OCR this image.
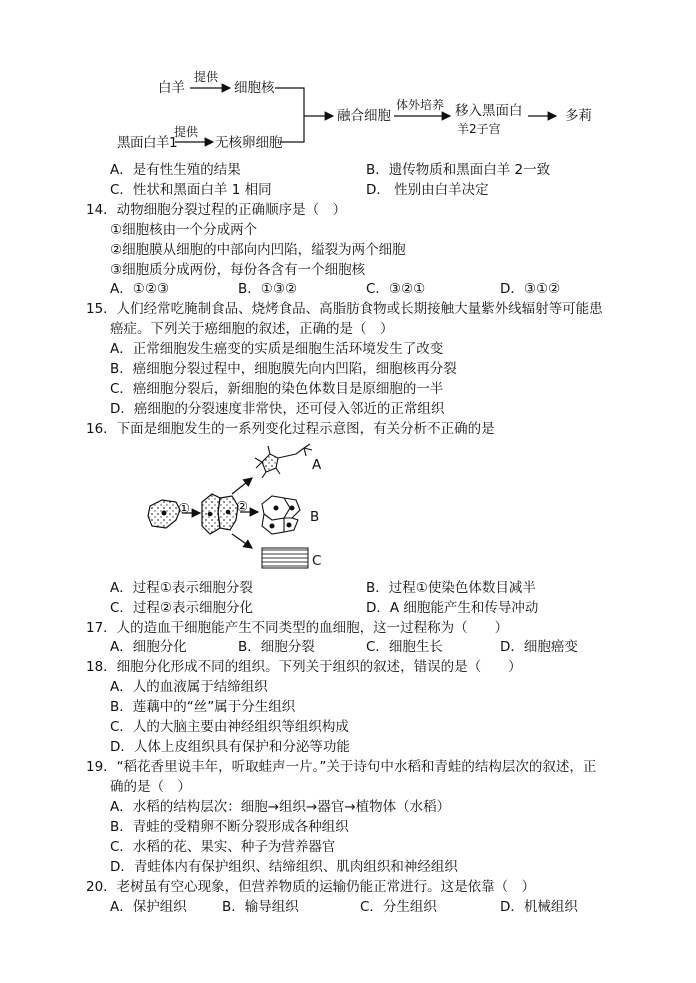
白羊
提供
细胞核
提供
黑面白羊1	无核卵细胞
融合细胞
体外培养 移入黑面白
羊2子宫
多莉
A．是有性生殖的结果	B．遗传物质和黑面白羊 2一致
C．性状和黑面白羊 1 相同	D． 性别由白羊决定
14．动物细胞分裂过程的正确顺序是（　）
①细胞核由一个分成两个
②细胞膜从细胞的中部向内凹陷，缢裂为两个细胞
③细胞质分成两份，每份各含有一个细胞核
A．①②③	B．①③②	C．③②①	D．③①②
15．人们经常吃腌制食品、烧烤食品、高脂肪食物或长期接触大量紫外线辐射等可能患
癌症。下列关于癌细胞的叙述，正确的是（　）
A．正常细胞发生癌变的实质是细胞生活环境发生了改变
B．癌细胞分裂过程中，细胞膜先向内凹陷，细胞核再分裂
C．癌细胞分裂后，新细胞的染色体数目是原细胞的一半
D．癌细胞的分裂速度非常快，还可侵入邻近的正常组织
16．下面是细胞发生的一系列变化过程示意图，有关分析不正确的是
①	②
A
B
C
A．过程①表示细胞分裂	B．过程①使染色体数目减半
C．过程②表示细胞分化	D．A 细胞能产生和传导冲动
17．人的造血干细胞能产生不同类型的血细胞，这一过程称为（　　）
A．细胞分化	B．细胞分裂	C．细胞生长	D．细胞癌变
18．细胞分化形成不同的组织。下列关于组织的叙述，错误的是（　　）
A．人的血液属于结缔组织
B．莲藕中的“丝”属于分生组织
C．人的大脑主要由神经组织等组织构成
D．人体上皮组织具有保护和分泌等功能
19．“稻花香里说丰年，听取蛙声一片。”关于诗句中水稻和青蛙的结构层次的叙述，正
确的是（　）
A．水稻的结构层次：细胞→组织→器官→植物体（水稻）
B．青蛙的受精卵不断分裂形成各种组织
C．水稻的花、果实、种子为营养器官
D．青蛙体内有保护组织、结缔组织、肌肉组织和神经组织
20．老树虽有空心现象，但营养物质的运输仍能正常进行。这是依靠（　）
A．保护组织	B．输导组织	C．分生组织	D．机械组织
